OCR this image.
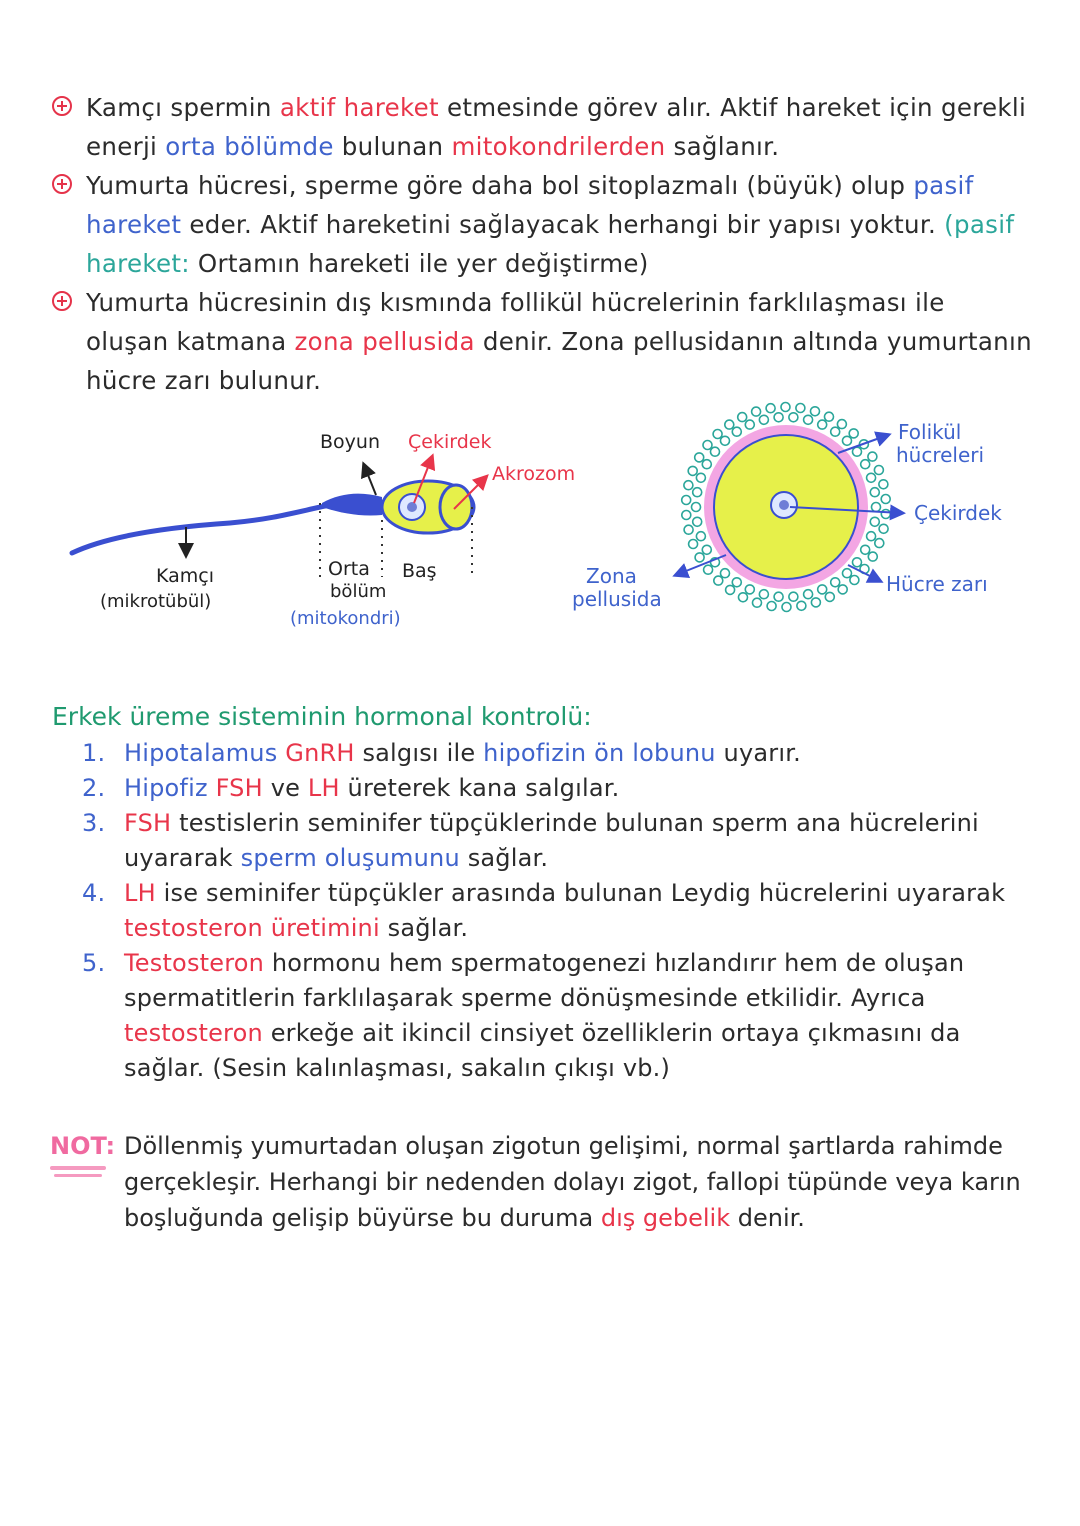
Kamçı spermin aktif hareket etmesinde görev alır. Aktif hareket için gerekli enerji orta bölümde bulunan mitokondrilerden sağlanır.
Yumurta hücresi, sperme göre daha bol sitoplazmalı (büyük) olup pasif hareket eder. Aktif hareketini sağlayacak herhangi bir yapısı yoktur. (pasif hareket: Ortamın hareketi ile yer değiştirme)
Yumurta hücresinin dış kısmında follikül hücrelerinin farklılaşması ile oluşan katmana zona pellusida denir. Zona pellusidanın altında yumurtanın hücre zarı bulunur.
Boyun Çekirdek
Akrozom
Kamçı
(mikrotübül)
Orta
bölüm
(mitokondri)
Baş
Folikül
hücreleri
Çekirdek
Zona
pellusida
Hücre zarı
Erkek üreme sisteminin hormonal kontrolü:
1. Hipotalamus GnRH salgısı ile hipofizin ön lobunu uyarır.
2. Hipofiz FSH ve LH üreterek kana salgılar.
3. FSH testislerin seminifer tüpçüklerinde bulunan sperm ana hücrelerini uyararak sperm oluşumunu sağlar.
4. LH ise seminifer tüpçükler arasında bulunan Leydig hücrelerini uyararak testosteron üretimini sağlar.
5. Testosteron hormonu hem spermatogenezi hızlandırır hem de oluşan spermatitlerin farklılaşarak sperme dönüşmesinde etkilidir. Ayrıca testosteron erkeğe ait ikincil cinsiyet özelliklerin ortaya çıkmasını da sağlar. (Sesin kalınlaşması, sakalın çıkışı vb.)
NOT: Döllenmiş yumurtadan oluşan zigotun gelişimi, normal şartlarda rahimde gerçekleşir. Herhangi bir nedenden dolayı zigot, fallopi tüpünde veya karın boşluğunda gelişip büyürse bu duruma dış gebelik denir.
